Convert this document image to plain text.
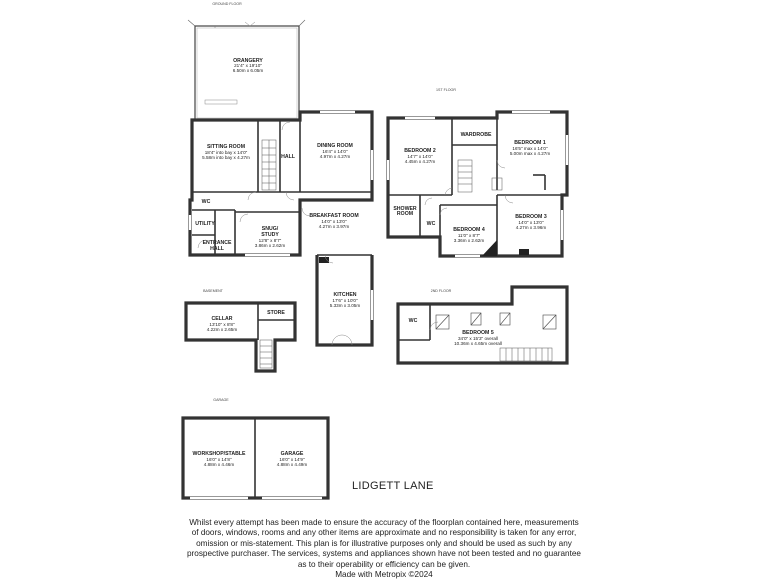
GROUND FLOOR
ORANGERY
21'4" x 19'10"
6.50m x 6.05m
SITTING ROOM
18'4" into bay x 14'0"
5.58m into bay x 4.27m	HALL
DINING ROOM
16'4" x 14'0"
4.97m x 4.27m
WC
UTILITY
ENTRANCE
HALL
SNUG/
STUDY
12'8" x 8'7"
3.86m x 2.62m
BREAKFAST ROOM
14'0" x 13'0"
4.27m x 3.97m
KITCHEN
17'6" x 10'0"
5.33m x 3.05m
BASEMENT
CELLAR
13'10" x 8'8"
4.22m x 2.65m
STORE
1ST FLOOR
BEDROOM 2
14'7" x 14'0"
4.45m x 4.27m
WARDROBE
BEDROOM 1
16'5" max x 14'0"
5.00m max x 4.27m
SHOWER
ROOM
WC
BEDROOM 4
11'0" x 8'7"
3.36m x 2.62m
BEDROOM 3
14'0" x 13'0"
4.27m x 3.96m
2ND FLOOR
WC
BEDROOM 5
34'0" x 15'3" overall
10.36m x 4.65m overall
GARAGE
WORKSHOP/STABLE
16'0" x 14'8"
4.88m x 4.46m
GARAGE
16'0" x 14'9"
4.88m x 4.49m
LIDGETT LANE
Whilst every attempt has been made to ensure the accuracy of the floorplan contained here, measurements
of doors, windows, rooms and any other items are approximate and no responsibility is taken for any error,
omission or mis-statement. This plan is for illustrative purposes only and should be used as such by any
prospective purchaser. The services, systems and appliances shown have not been tested and no guarantee
as to their operability or efficiency can be given.
Made with Metropix ©2024
